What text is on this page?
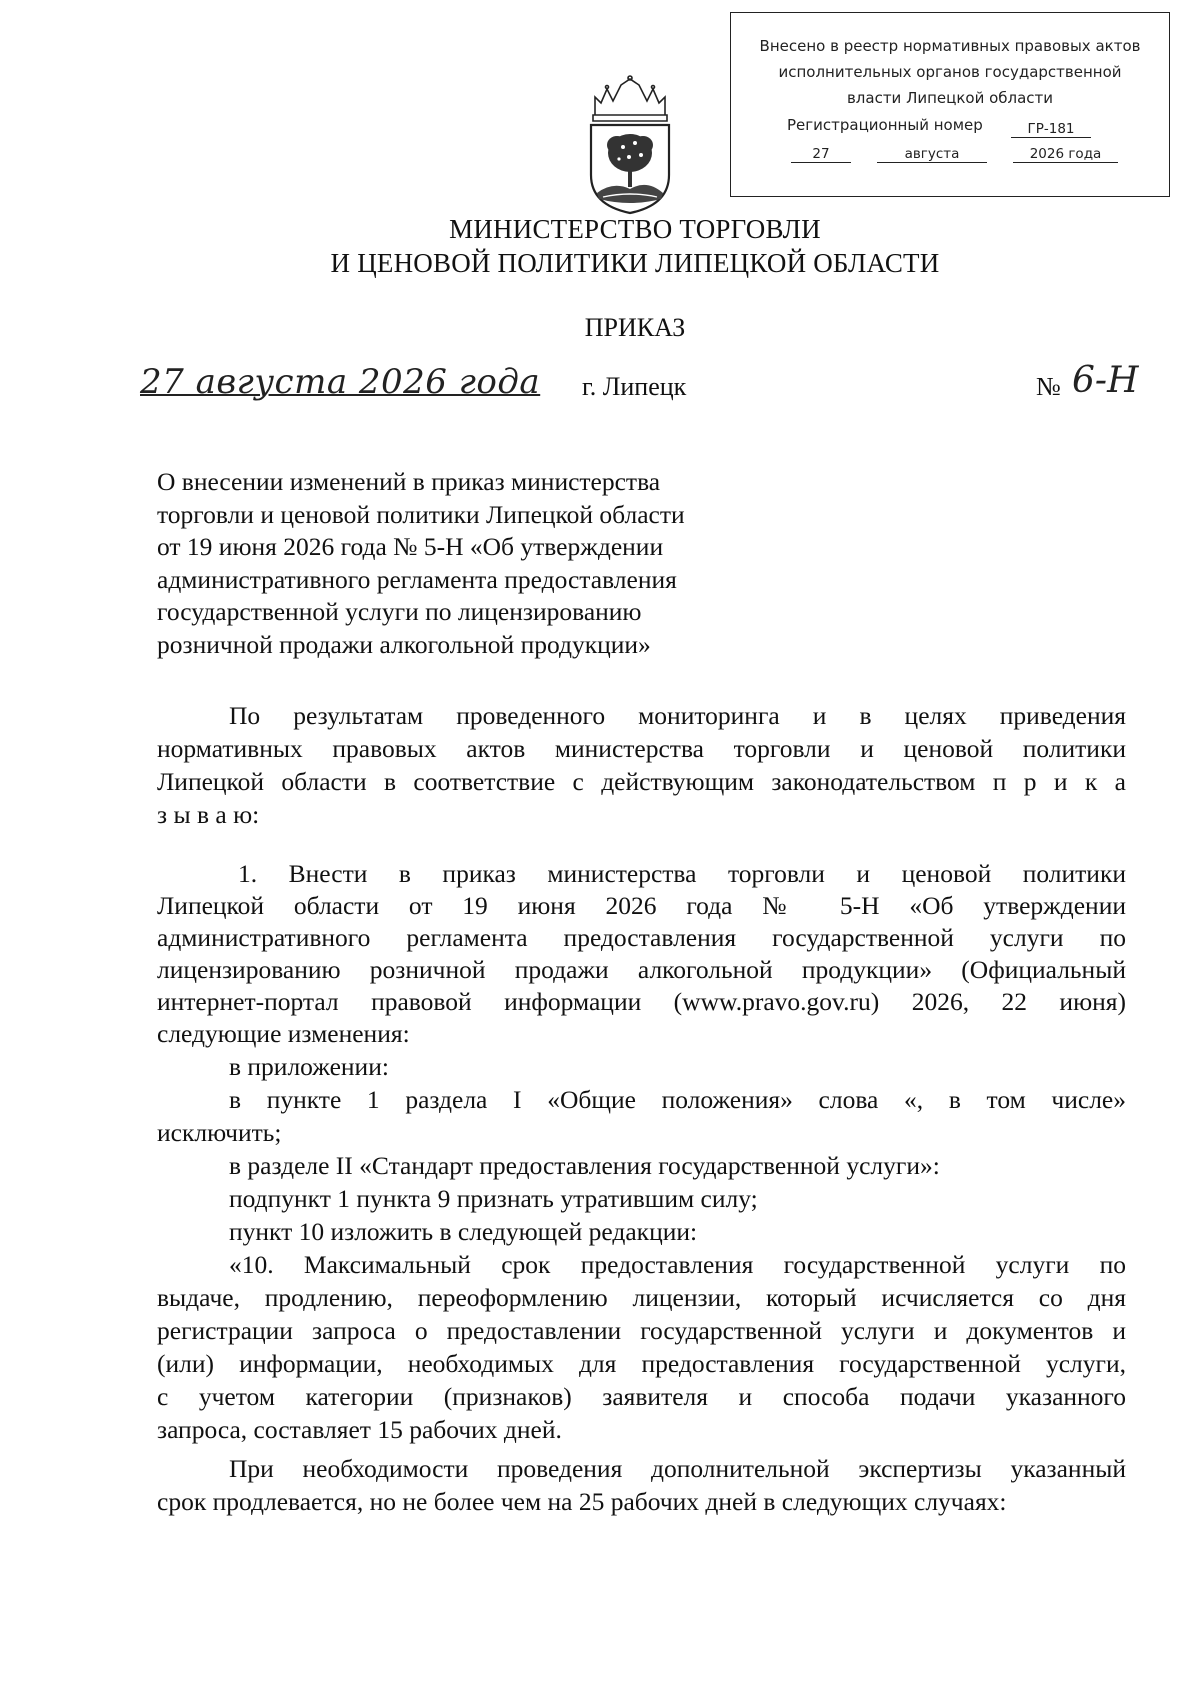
Внесено в реестр нормативных правовых актов
исполнительных органов государственной
власти Липецкой области
Регистрационный номер	ГР-181
27	августа	2026 года
МИНИСТЕРСТВО ТОРГОВЛИ
И ЦЕНОВОЙ ПОЛИТИКИ ЛИПЕЦКОЙ ОБЛАСТИ
ПРИКАЗ
27 августа 2026 года г. Липецк	№ 6-Н
О внесении изменений в приказ министерства
торговли и ценовой политики Липецкой области
от 19 июня 2026 года № 5-Н «Об утверждении
административного регламента предоставления
государственной услуги по лицензированию
розничной продажи алкогольной продукции»
По результатам проведенного мониторинга и в целях приведения
нормативных правовых актов министерства торговли и ценовой политики
Липецкой области в соответствие с действующим законодательством п р и к а
з ы в а ю:
1. Внести в приказ министерства торговли и ценовой политики
Липецкой области от 19 июня 2026 года № 5-Н «Об утверждении
административного регламента предоставления государственной услуги по
лицензированию розничной продажи алкогольной продукции» (Официальный
интернет-портал правовой информации (www.pravo.gov.ru) 2026, 22 июня)
следующие изменения:
в приложении:
в пункте 1 раздела I «Общие положения» слова «, в том числе»
исключить;
в разделе II «Стандарт предоставления государственной услуги»:
подпункт 1 пункта 9 признать утратившим силу;
пункт 10 изложить в следующей редакции:
«10. Максимальный срок предоставления государственной услуги по
выдаче, продлению, переоформлению лицензии, который исчисляется со дня
регистрации запроса о предоставлении государственной услуги и документов и
(или) информации, необходимых для предоставления государственной услуги,
с учетом категории (признаков) заявителя и способа подачи указанного
запроса, составляет 15 рабочих дней.
При необходимости проведения дополнительной экспертизы указанный
срок продлевается, но не более чем на 25 рабочих дней в следующих случаях:
